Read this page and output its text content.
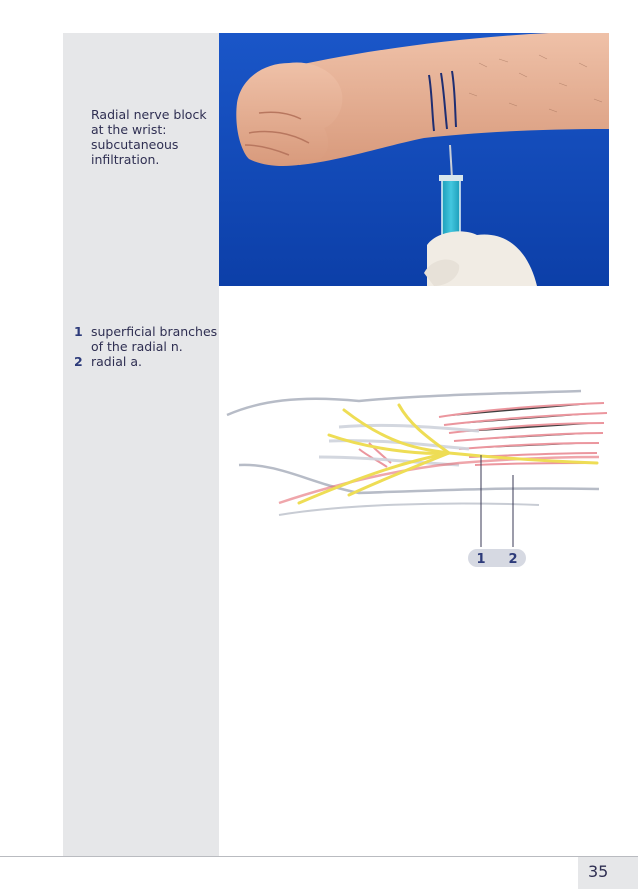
Radial nerve block at the wrist: subcutaneous infiltration.

1 superficial branches of the radial n.
2 radial a.
1 2
35
